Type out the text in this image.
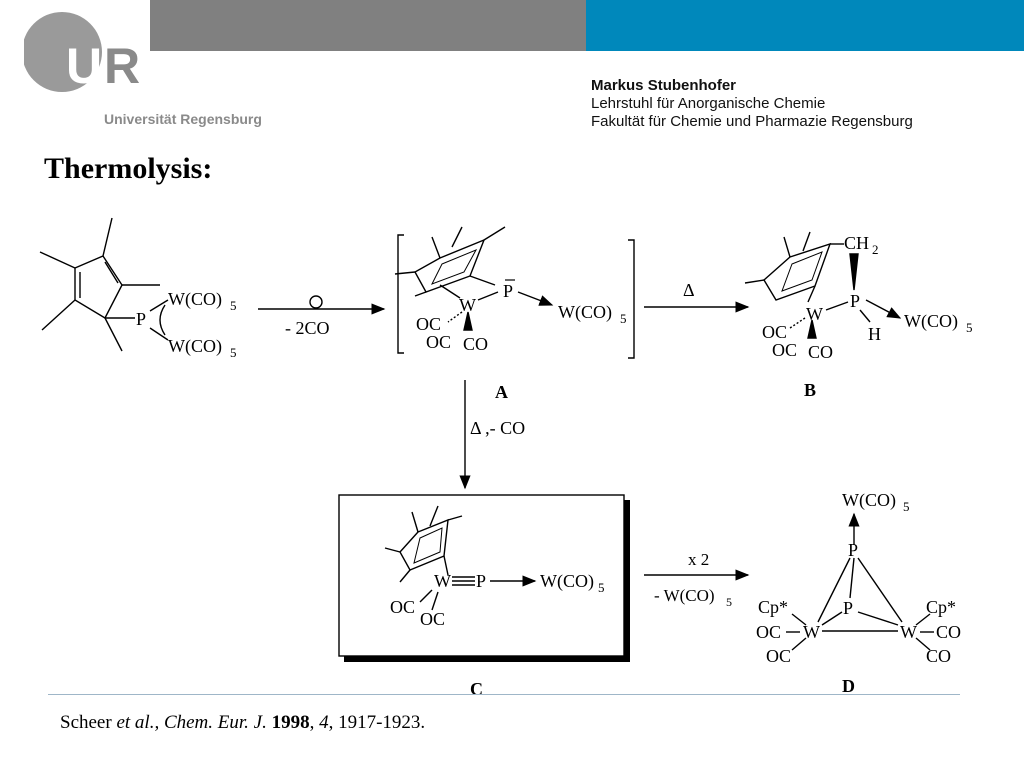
U R
Universität Regensburg
Markus Stubenhofer
Lehrstuhl für Anorganische Chemie
Fakultät für Chemie und Pharmazie Regensburg
Thermolysis:
P
W(CO) 5
W(CO) 5
- 2CO
W
P
W(CO) 5
OC
OC CO
A
Δ
CH 2
P
W
H
W(CO) 5
OC
OC CO
B
Δ ,- CO
W P	W(CO) 5
OC
OC
C
x 2
- W(CO) 5
W(CO) 5
P
P
Cp*	Cp*
W	W
OC
OC
CO
CO
D
Scheer et al., Chem. Eur. J. 1998, 4, 1917-1923.
